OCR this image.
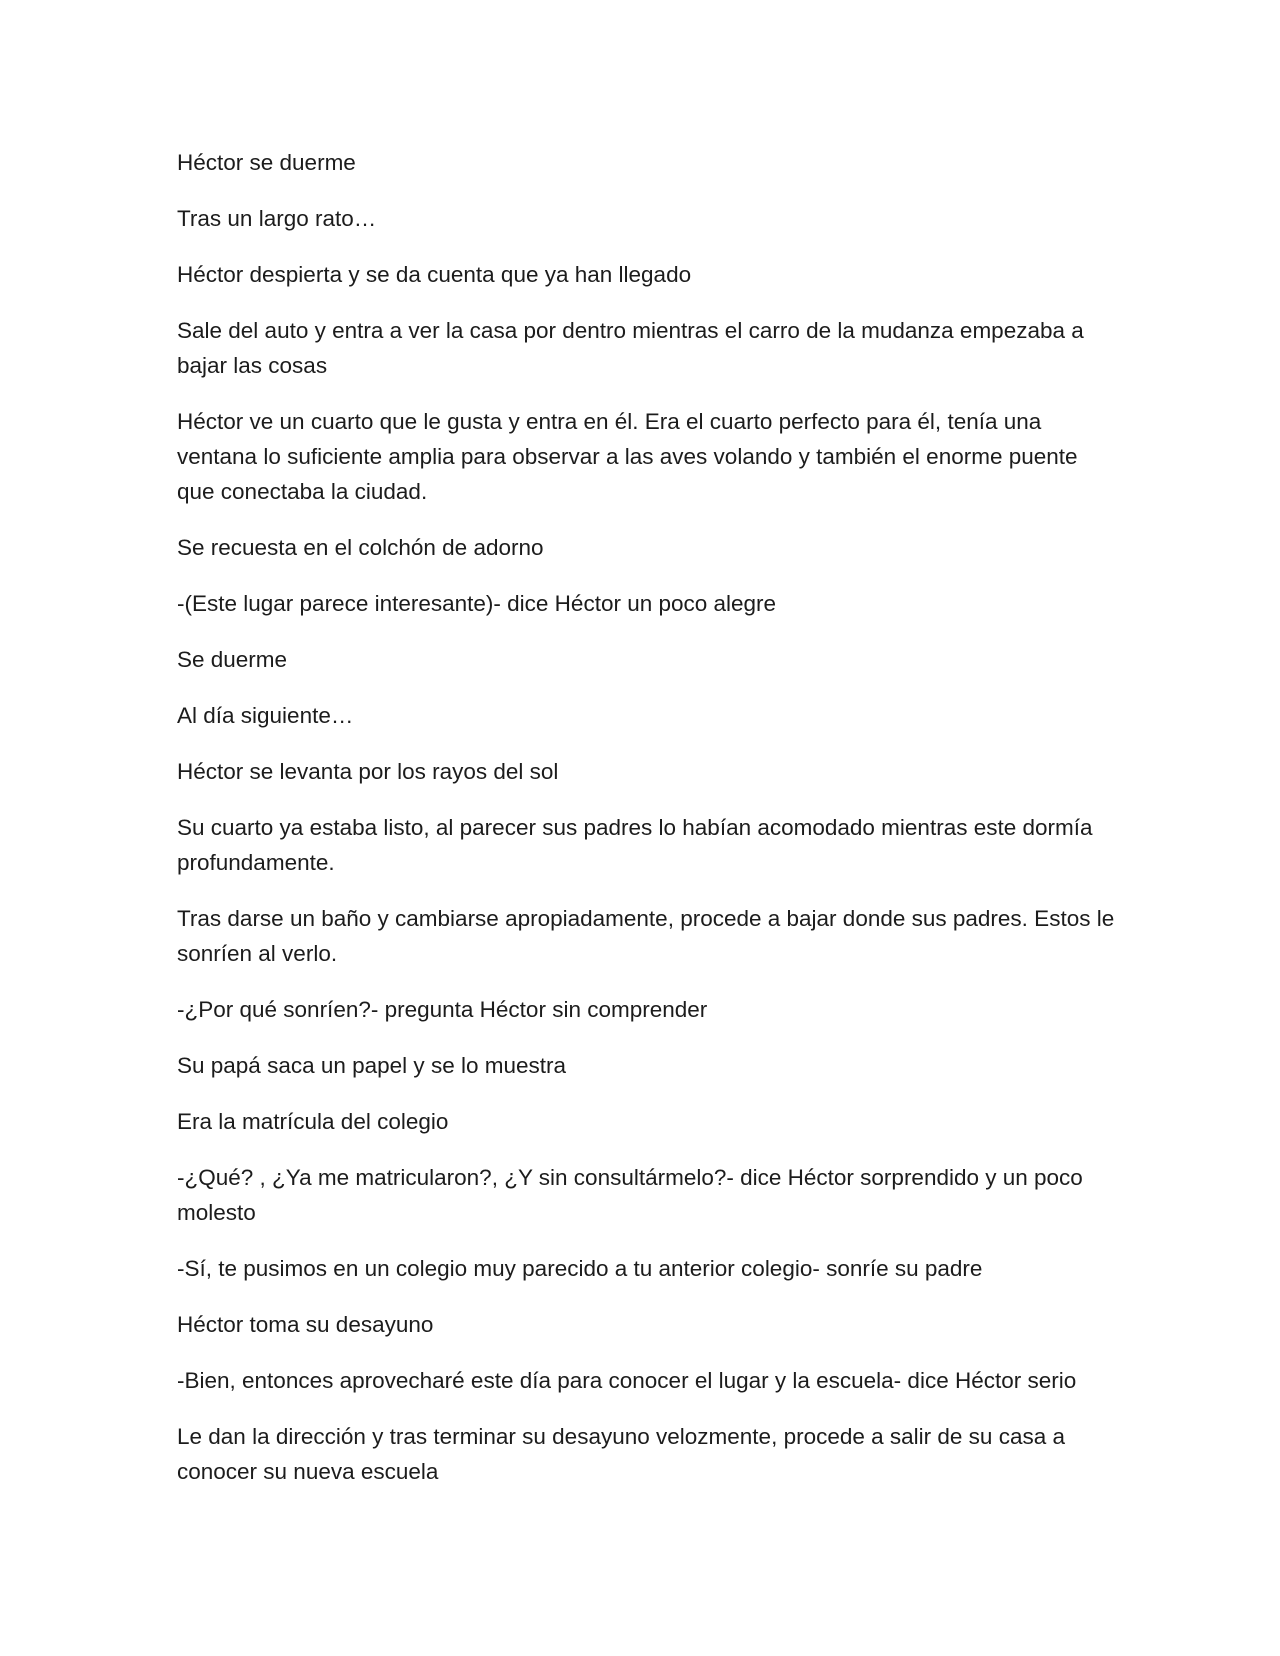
Héctor se duerme

Tras un largo rato…

Héctor despierta y se da cuenta que ya han llegado

Sale del auto y entra a ver la casa por dentro mientras el carro de la mudanza empezaba a bajar las cosas

Héctor ve un cuarto que le gusta y entra en él. Era el cuarto perfecto para él, tenía una ventana lo suficiente amplia para observar a las aves volando y también el enorme puente que conectaba la ciudad.

Se recuesta en el colchón de adorno

-(Este lugar parece interesante)- dice Héctor un poco alegre

Se duerme

Al día siguiente…

Héctor se levanta por los rayos del sol

Su cuarto ya estaba listo, al parecer sus padres lo habían acomodado mientras este dormía profundamente.

Tras darse un baño y cambiarse apropiadamente, procede a bajar donde sus padres. Estos le sonríen al verlo.

-¿Por qué sonríen?- pregunta Héctor sin comprender

Su papá saca un papel y se lo muestra

Era la matrícula del colegio

-¿Qué? , ¿Ya me matricularon?, ¿Y sin consultármelo?- dice Héctor sorprendido y un poco molesto

-Sí, te pusimos en un colegio muy parecido a tu anterior colegio- sonríe su padre

Héctor toma su desayuno

-Bien, entonces aprovecharé este día para conocer el lugar y la escuela- dice Héctor serio

Le dan la dirección y tras terminar su desayuno velozmente, procede a salir de su casa a conocer su nueva escuela
